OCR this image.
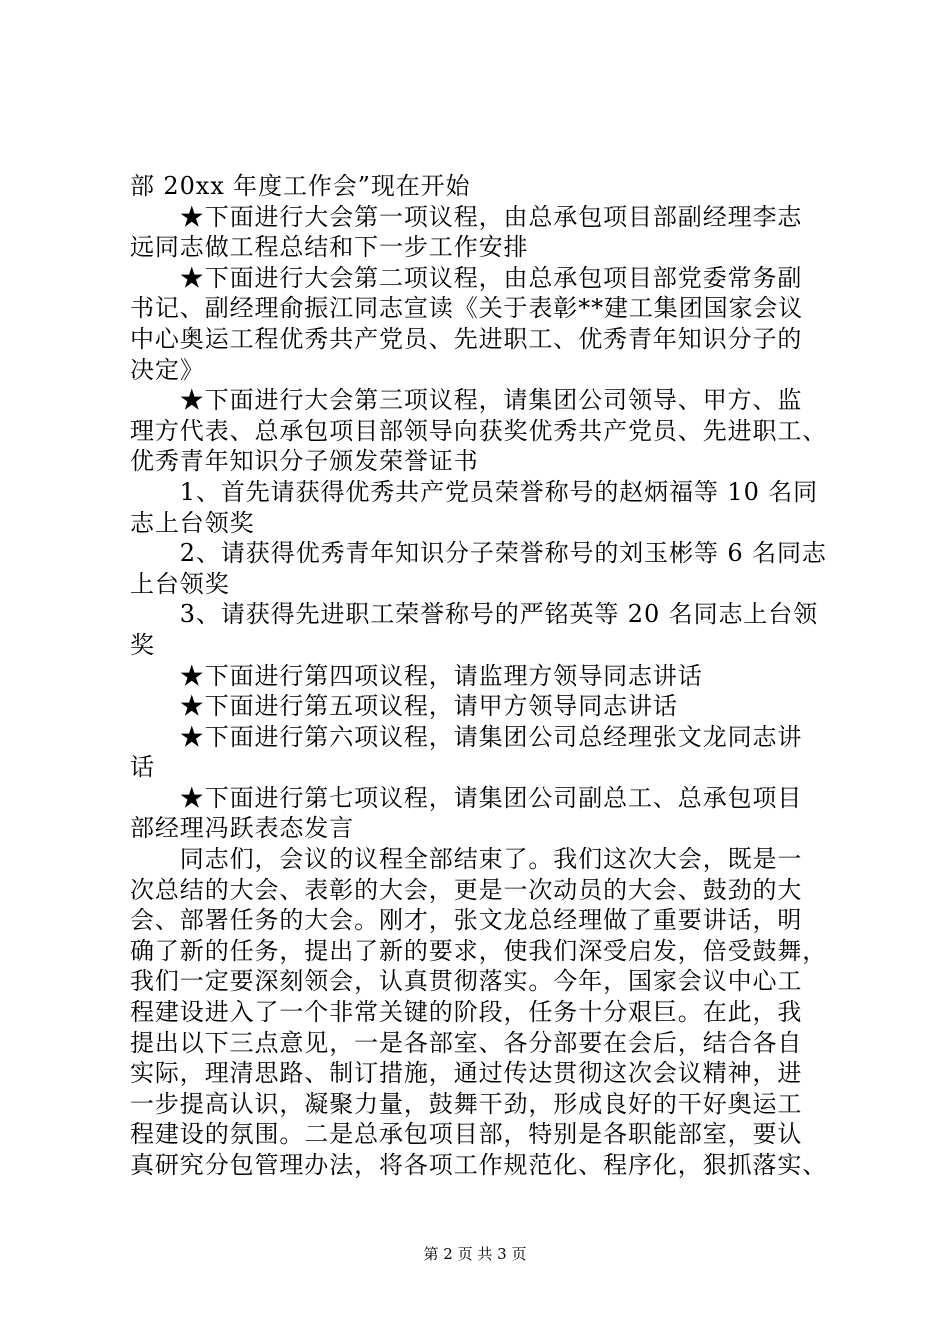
部 20xx 年度工作会”现在开始
　　★下面进行大会第一项议程，由总承包项目部副经理李志
远同志做工程总结和下一步工作安排
　　★下面进行大会第二项议程，由总承包项目部党委常务副
书记、副经理俞振江同志宣读《关于表彰**建工集团国家会议
中心奥运工程优秀共产党员、先进职工、优秀青年知识分子的
决定》
　　★下面进行大会第三项议程，请集团公司领导、甲方、监
理方代表、总承包项目部领导向获奖优秀共产党员、先进职工、
优秀青年知识分子颁发荣誉证书
　　1、首先请获得优秀共产党员荣誉称号的赵炳福等 10 名同
志上台领奖
　　2、请获得优秀青年知识分子荣誉称号的刘玉彬等 6 名同志
上台领奖
　　3、请获得先进职工荣誉称号的严铭英等 20 名同志上台领
奖
　　★下面进行第四项议程，请监理方领导同志讲话
　　★下面进行第五项议程，请甲方领导同志讲话
　　★下面进行第六项议程，请集团公司总经理张文龙同志讲
话
　　★下面进行第七项议程，请集团公司副总工、总承包项目
部经理冯跃表态发言
　　同志们，会议的议程全部结束了。我们这次大会，既是一
次总结的大会、表彰的大会，更是一次动员的大会、鼓劲的大
会、部署任务的大会。刚才，张文龙总经理做了重要讲话，明
确了新的任务，提出了新的要求，使我们深受启发，倍受鼓舞，
我们一定要深刻领会，认真贯彻落实。今年，国家会议中心工
程建设进入了一个非常关键的阶段，任务十分艰巨。在此，我
提出以下三点意见，一是各部室、各分部要在会后，结合各自
实际，理清思路、制订措施，通过传达贯彻这次会议精神，进
一步提高认识，凝聚力量，鼓舞干劲，形成良好的干好奥运工
程建设的氛围。二是总承包项目部，特别是各职能部室，要认
真研究分包管理办法，将各项工作规范化、程序化，狠抓落实、
第 2 页 共 3 页
